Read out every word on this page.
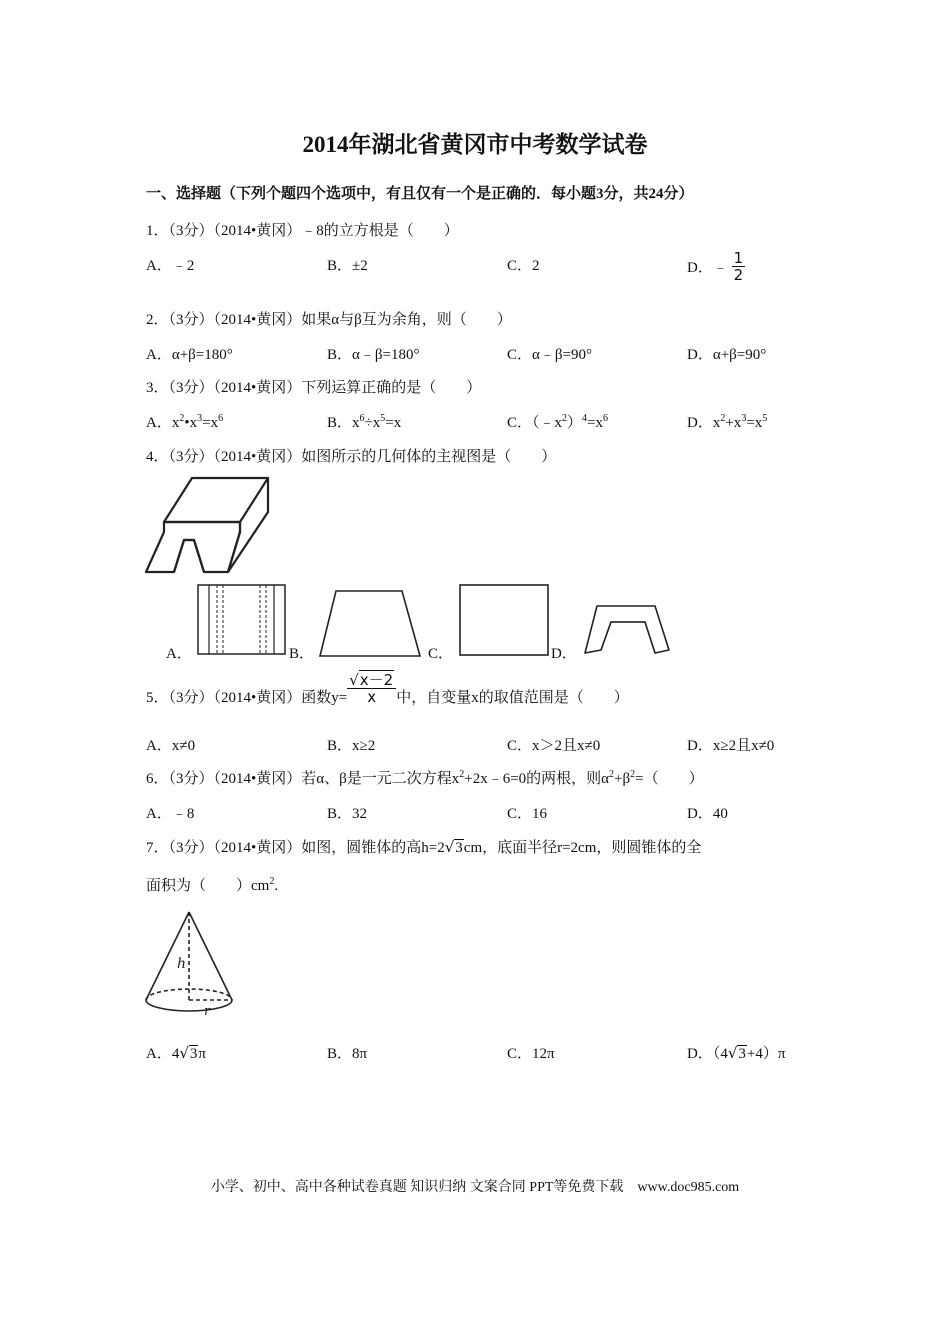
2014年湖北省黄冈市中考数学试卷
一、选择题（下列个题四个选项中，有且仅有一个是正确的．每小题3分，共24分）
1．（3分）（2014•黄冈）﹣8的立方根是（　　）
A．﹣2	B．±2	C．2	D．﹣ $\frac{1}{2}$
2．（3分）（2014•黄冈）如果α与β互为余角，则（　　）
A．α+β=180°	B．α﹣β=180°	C．α﹣β=90°	D．α+β=90°
3．（3分）（2014•黄冈）下列运算正确的是（　　）
A．$x^2•x^3=x^6$	B．$x^6\div x^5=x$	C．$(﹣x^2)^4=x^6$	D．$x^2+x^3=x^5$
4．（3分）（2014•黄冈）如图所示的几何体的主视图是（　　）
A．	B．	C．	D．
5．（3分）（2014•黄冈）函数$y= \frac{√x-2}{x}$ 中，自变量x的取值范围是（　　）
A．x≠0	B．x≥2	C．x＞2且x≠0	D．x≥2且x≠0
6．（3分）（2014•黄冈）若α、β是一元二次方程$x^2+2x﹣6=0$的两根，则$\alpha^2+\beta^2=$（　　）
A．﹣8	B．32	C．16	D．40
7．（3分）（2014•黄冈）如图，圆锥体的高h=2√3cm，底面半径r=2cm，则圆锥体的全
面积为（　　）$cm^2$.
h
r
A．4√3π	B．8π	C．12π	D．（4√3+4）π
小学、初中、高中各种试卷真题 知识归纳 文案合同 PPT等免费下载　www.doc985.com
